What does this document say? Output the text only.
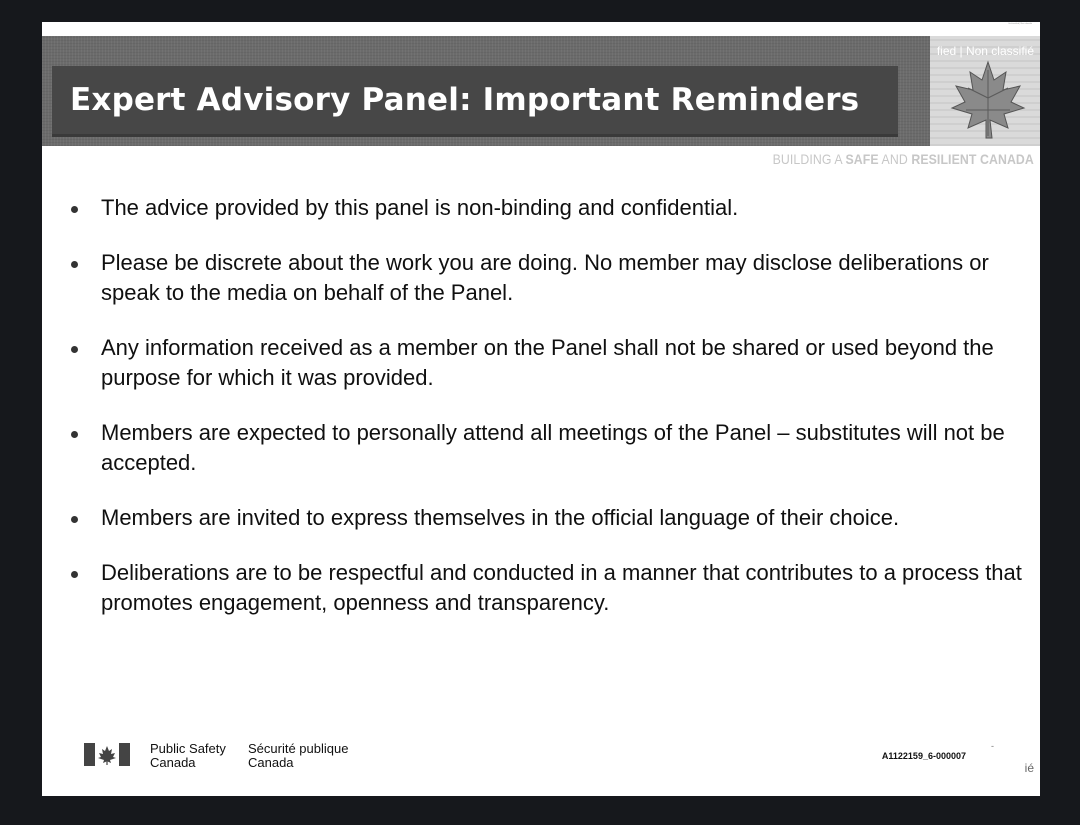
Unclassified | Non classifié
Expert Advisory Panel: Important Reminders
fied | Non classifié
BUILDING A SAFE AND RESILIENT CANADA
The advice provided by this panel is non-binding and confidential.
Please be discrete about the work you are doing. No member may disclose deliberations or speak to the media on behalf of the Panel.
Any information received as a member on the Panel shall not be shared or used beyond the purpose for which it was provided.
Members are expected to personally attend all meetings of the Panel – substitutes will not be accepted.
Members are invited to express themselves in the official language of their choice.
Deliberations are to be respectful and conducted in a manner that contributes to a process that promotes engagement, openness and transparency.
Public Safety
Canada
Sécurité publique
Canada	A1122159_6-000007
-
ié
